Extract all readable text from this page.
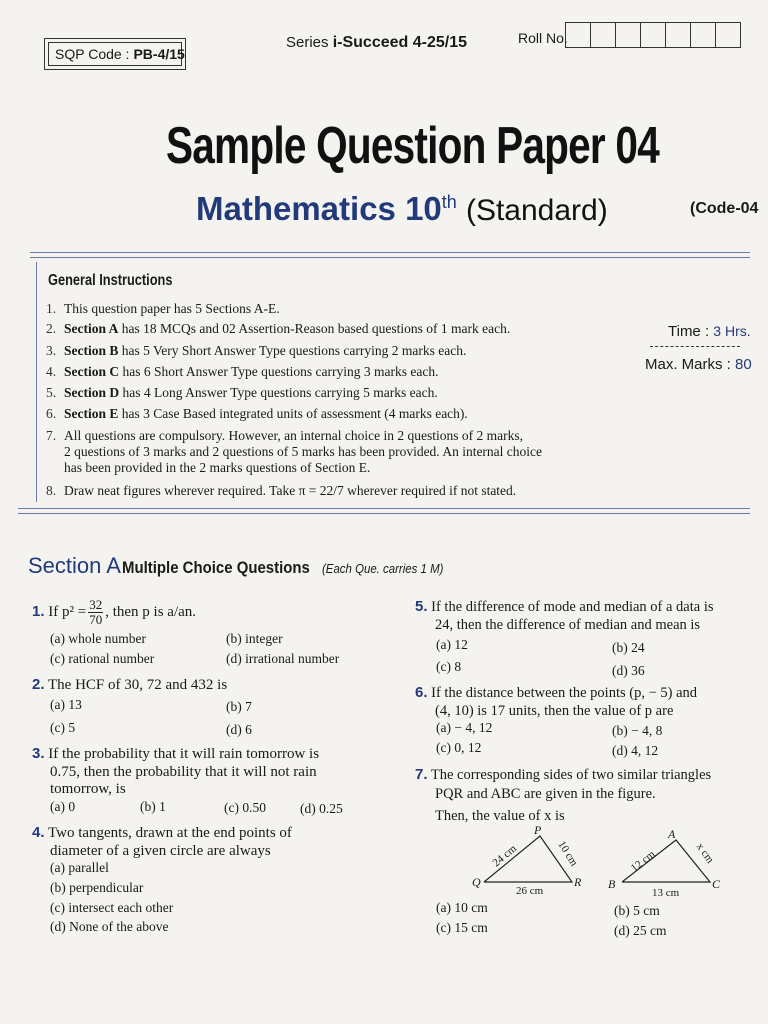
SQP Code : PB-4/15
Series i-Succeed 4-25/15	Roll No.
Sample Question Paper 04
Mathematics 10th (Standard)	(Code-04
General Instructions
1. This question paper has 5 Sections A-E.
2. Section A has 18 MCQs and 02 Assertion-Reason based questions of 1 mark each.
3. Section B has 5 Very Short Answer Type questions carrying 2 marks each.
4. Section C has 6 Short Answer Type questions carrying 3 marks each.
5. Section D has 4 Long Answer Type questions carrying 5 marks each.
6. Section E has 3 Case Based integrated units of assessment (4 marks each).
7. All questions are compulsory. However, an internal choice in 2 questions of 2 marks,
2 questions of 3 marks and 2 questions of 5 marks has been provided. An internal choice
has been provided in the 2 marks questions of Section E.
8. Draw neat figures wherever required. Take π = 22/7 wherever required if not stated.
Time : 3 Hrs.
Max. Marks : 80
Section A Multiple Choice Questions (Each Que. carries 1 M)
1. If $p^2 = \frac{32}{70}$ , then p is a/an.
(a) whole number	(b) integer
(c) rational number	(d) irrational number
2. The HCF of 30, 72 and 432 is
(a) 13	(b) 7
(c) 5	(d) 6
3. If the probability that it will rain tomorrow is
0.75, then the probability that it will not rain
tomorrow, is
(a) 0	(b) 1	(c) 0.50	(d) 0.25
4. Two tangents, drawn at the end points of
diameter of a given circle are always
(a) parallel
(b) perpendicular
(c) intersect each other
(d) None of the above
5. If the difference of mode and median of a data is
24, then the difference of median and mean is
(a) 12	(b) 24
(c) 8	(d) 36
6. If the distance between the points (p, − 5) and
(4, 10) is 17 units, then the value of p are
(a) − 4, 12	(b) − 4, 8
(c) 0, 12	(d) 4, 12
7. The corresponding sides of two similar triangles
PQR and ABC are given in the figure.
Then, the value of x is
P
Q	R
24 cm	10 cm
26 cm
A
B	C
12 cm	x cm
13 cm
(a) 10 cm	(b) 5 cm
(c) 15 cm	(d) 25 cm
